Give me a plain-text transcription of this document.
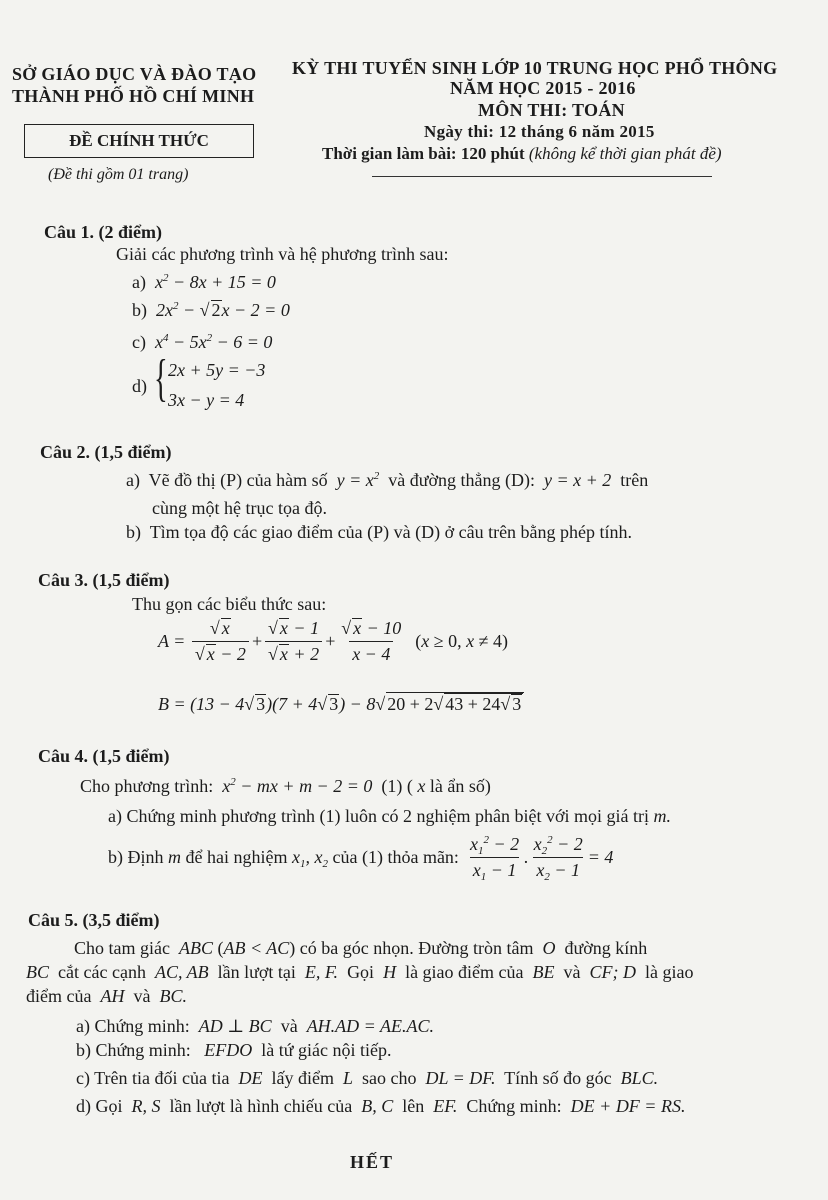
SỞ GIÁO DỤC VÀ ĐÀO TẠO
THÀNH PHỐ HỒ CHÍ MINH
ĐỀ CHÍNH THỨC
(Đề thi gồm 01 trang)
KỲ THI TUYỂN SINH LỚP 10 TRUNG HỌC PHỔ THÔNG
NĂM HỌC 2015 - 2016
MÔN THI: TOÁN
Ngày thi: 12 tháng 6 năm 2015
Thời gian làm bài: 120 phút (không kể thời gian phát đề)
Câu 1. (2 điểm)
Giải các phương trình và hệ phương trình sau:
a)  $x^2 - 8x + 15 = 0$
b)  $2x^2$ − √ 2x − 2 = 0
c)  $x^4 - 5x^2 - 6 = 0$
d) { 2x + 5y = −3
3x − y = 4
Câu 2. (1,5 điểm)
a) Vẽ đồ thị (P) của hàm số  $y = x^2$ và đường thẳng (D):  y = x + 2  trên
cùng một hệ trục tọa độ.
b) Tìm tọa độ các giao điểm của (P) và (D) ở câu trên bằng phép tính.
Câu 3. (1,5 điểm)
Thu gọn các biểu thức sau:
$A = \frac{√ x}{√ x - 2} + \frac{√ x - 1}{√ x + 2} + \frac{√ x - 10}{x - 4} (x \ge 0$, x ≠ 4)
B = (13 − 4√ 3)(7 + 4√ 3) − 8√ 20 + 2√ 43 + 24√ 3
Câu 4. (1,5 điểm)
Cho phương trình:  $x^2$ − mx + m − 2 = 0  (1) ( x là ẩn số)
a) Chứng minh phương trình (1) luôn có 2 nghiệm phân biệt với mọi giá trị m.
b) Định m để hai nghiệm $x_1$, $x_2$ của (1) thỏa mãn: $\frac{x_1^2 - 2}{x_1 - 1}$ . $\frac{x_2^2 - 2}{x_2 - 1} = 4$
Câu 5. (3,5 điểm)
Cho tam giác  ABC (AB < AC) có ba góc nhọn. Đường tròn tâm  O  đường kính
BC  cắt các cạnh  AC, AB  lần lượt tại  E, F.  Gọi  H  là giao điểm của  BE  và  CF; D  là giao
điểm của  AH  và  BC.
a) Chứng minh:  AD ⊥ BC  và  AH.AD = AE.AC.
b) Chứng minh:   EFDO  là tứ giác nội tiếp.
c) Trên tia đối của tia  DE  lấy điểm  L  sao cho  DL = DF.  Tính số đo góc  BLC.
d) Gọi  R, S  lần lượt là hình chiếu của  B, C  lên  EF.  Chứng minh:  DE + DF = RS.
HẾT
